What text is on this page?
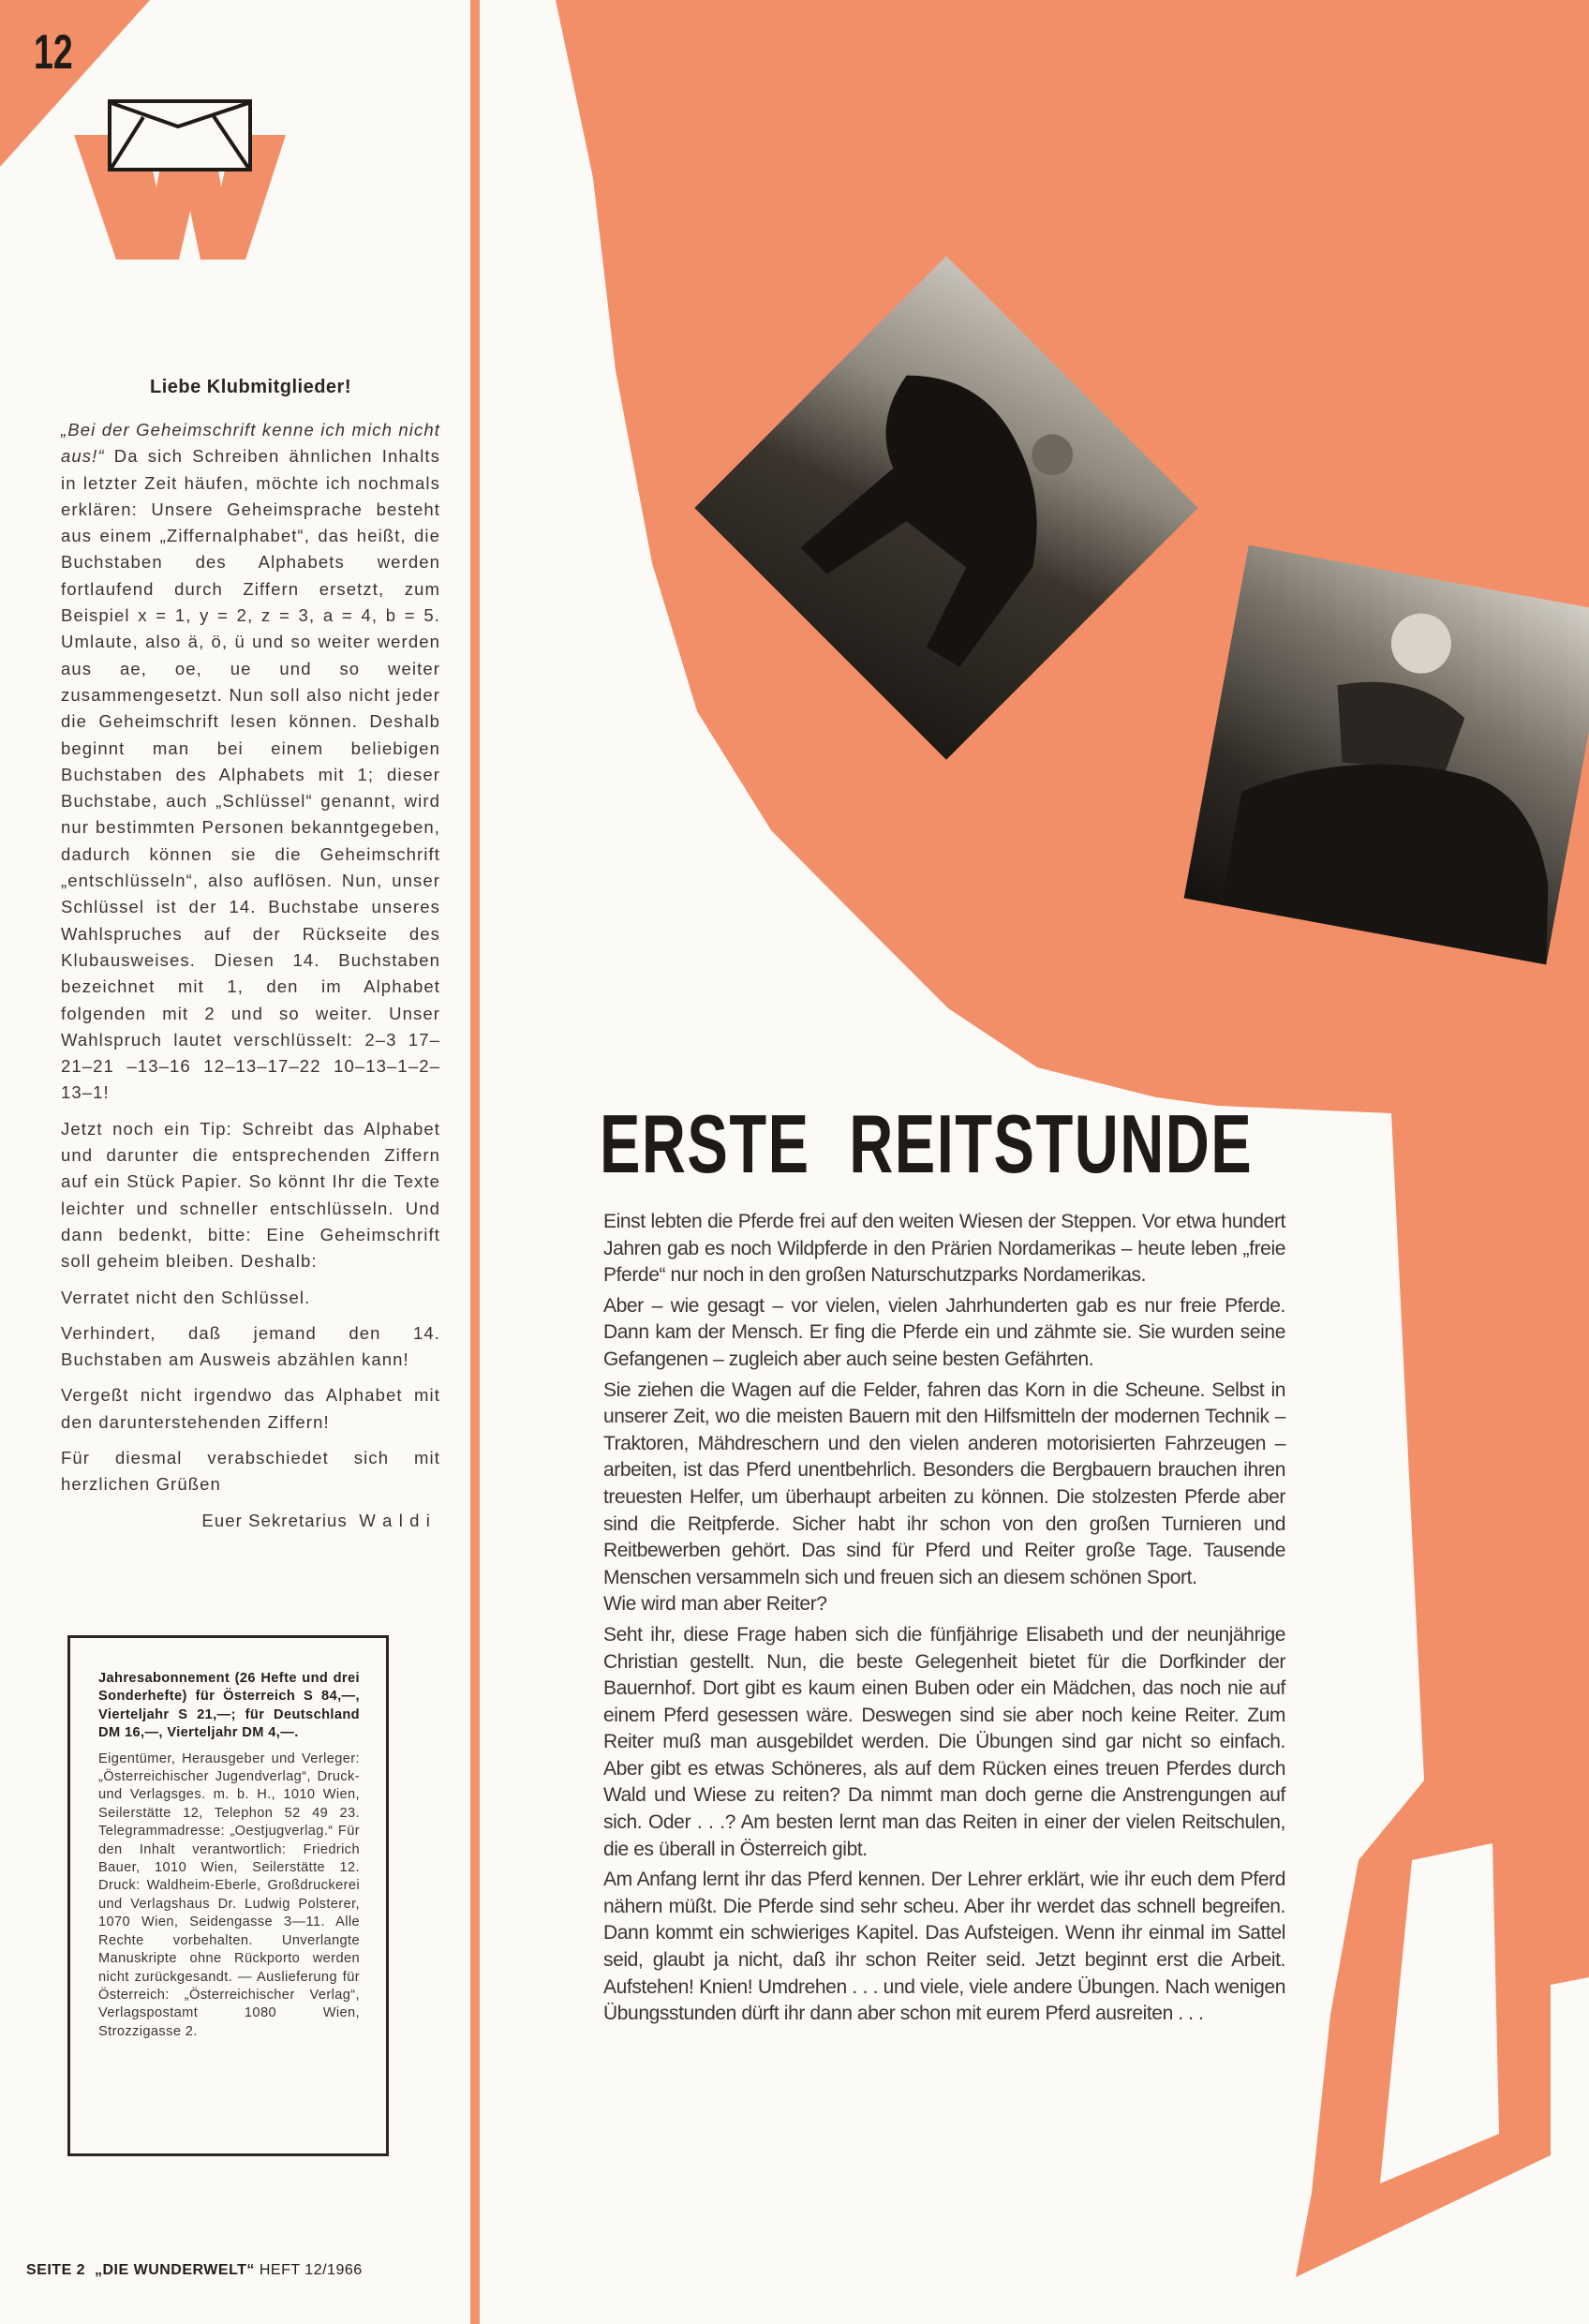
12
Liebe Klubmitglieder!

„Bei der Geheimschrift kenne ich mich nicht aus!“ Da sich Schreiben ähnlichen Inhalts in letzter Zeit häufen, möchte ich nochmals erklären: Unsere Geheimsprache besteht aus einem „Ziffernalphabet“, das heißt, die Buchstaben des Alphabets werden fortlaufend durch Ziffern ersetzt, zum Beispiel x = 1, y = 2, z = 3, a = 4, b = 5. Umlaute, also ä, ö, ü und so weiter werden aus ae, oe, ue und so weiter zusammengesetzt. Nun soll also nicht jeder die Geheimschrift lesen können. Deshalb beginnt man bei einem beliebigen Buchstaben des Alphabets mit 1; dieser Buchstabe, auch „Schlüssel“ genannt, wird nur bestimmten Personen bekanntgegeben, dadurch können sie die Geheimschrift „entschlüsseln“, also auflösen. Nun, unser Schlüssel ist der 14. Buchstabe unseres Wahlspruches auf der Rückseite des Klubausweises. Diesen 14. Buchstaben bezeichnet mit 1, den im Alphabet folgenden mit 2 und so weiter. Unser Wahlspruch lautet verschlüsselt: 2–3 17–21–21 –13–16 12–13–17–22 10–13–1–2–13–1!

Jetzt noch ein Tip: Schreibt das Alphabet und darunter die entsprechenden Ziffern auf ein Stück Papier. So könnt Ihr die Texte leichter und schneller entschlüsseln. Und dann bedenkt, bitte: Eine Geheimschrift soll geheim bleiben. Deshalb:

Verratet nicht den Schlüssel.

Verhindert, daß jemand den 14. Buchstaben am Ausweis abzählen kann!

Vergeßt nicht irgendwo das Alphabet mit den darunterstehenden Ziffern!

Für diesmal verabschiedet sich mit herzlichen Grüßen

Euer Sekretarius  W a l d i

Jahresabonnement (26 Hefte und drei Sonderhefte) für Österreich S 84,—, Vierteljahr S 21,—; für Deutschland DM 16,—, Vierteljahr DM 4,—.

Eigentümer, Herausgeber und Verleger: „Österreichischer Jugendverlag“, Druck- und Verlagsges. m. b. H., 1010 Wien, Seilerstätte 12, Telephon 52 49 23. Telegrammadresse: „Oestjugverlag.“ Für den Inhalt verantwortlich: Friedrich Bauer, 1010 Wien, Seilerstätte 12. Druck: Waldheim-Eberle, Großdruckerei und Verlagshaus Dr. Ludwig Polsterer, 1070 Wien, Seidengasse 3—11. Alle Rechte vorbehalten. Unverlangte Manuskripte ohne Rückporto werden nicht zurückgesandt. — Auslieferung für Österreich: „Österreichischer Verlag“, Verlagspostamt 1080 Wien, Strozzigasse 2.

ERSTE REITSTUNDE

Einst lebten die Pferde frei auf den weiten Wiesen der Steppen. Vor etwa hundert Jahren gab es noch Wildpferde in den Prärien Nordamerikas – heute leben „freie Pferde“ nur noch in den großen Naturschutzparks Nordamerikas.

Aber – wie gesagt – vor vielen, vielen Jahrhunderten gab es nur freie Pferde. Dann kam der Mensch. Er fing die Pferde ein und zähmte sie. Sie wurden seine Gefangenen – zugleich aber auch seine besten Gefährten.

Sie ziehen die Wagen auf die Felder, fahren das Korn in die Scheune. Selbst in unserer Zeit, wo die meisten Bauern mit den Hilfsmitteln der modernen Technik – Traktoren, Mähdreschern und den vielen anderen motorisierten Fahrzeugen – arbeiten, ist das Pferd unentbehrlich. Besonders die Bergbauern brauchen ihren treuesten Helfer, um überhaupt arbeiten zu können. Die stolzesten Pferde aber sind die Reitpferde. Sicher habt ihr schon von den großen Turnieren und Reitbewerben gehört. Das sind für Pferd und Reiter große Tage. Tausende Menschen versammeln sich und freuen sich an diesem schönen Sport.

Wie wird man aber Reiter?

Seht ihr, diese Frage haben sich die fünfjährige Elisabeth und der neunjährige Christian gestellt. Nun, die beste Gelegenheit bietet für die Dorfkinder der Bauernhof. Dort gibt es kaum einen Buben oder ein Mädchen, das noch nie auf einem Pferd gesessen wäre. Deswegen sind sie aber noch keine Reiter. Zum Reiter muß man ausgebildet werden. Die Übungen sind gar nicht so einfach. Aber gibt es etwas Schöneres, als auf dem Rücken eines treuen Pferdes durch Wald und Wiese zu reiten? Da nimmt man doch gerne die Anstrengungen auf sich. Oder . . .? Am besten lernt man das Reiten in einer der vielen Reitschulen, die es überall in Österreich gibt.

Am Anfang lernt ihr das Pferd kennen. Der Lehrer erklärt, wie ihr euch dem Pferd nähern müßt. Die Pferde sind sehr scheu. Aber ihr werdet das schnell begreifen. Dann kommt ein schwieriges Kapitel. Das Aufsteigen. Wenn ihr einmal im Sattel seid, glaubt ja nicht, daß ihr schon Reiter seid. Jetzt beginnt erst die Arbeit. Aufstehen! Knien! Umdrehen . . . und viele, viele andere Übungen. Nach wenigen Übungsstunden dürft ihr dann aber schon mit eurem Pferd ausreiten . . .

SEITE 2 „DIE WUNDERWELT“ HEFT 12/1966
